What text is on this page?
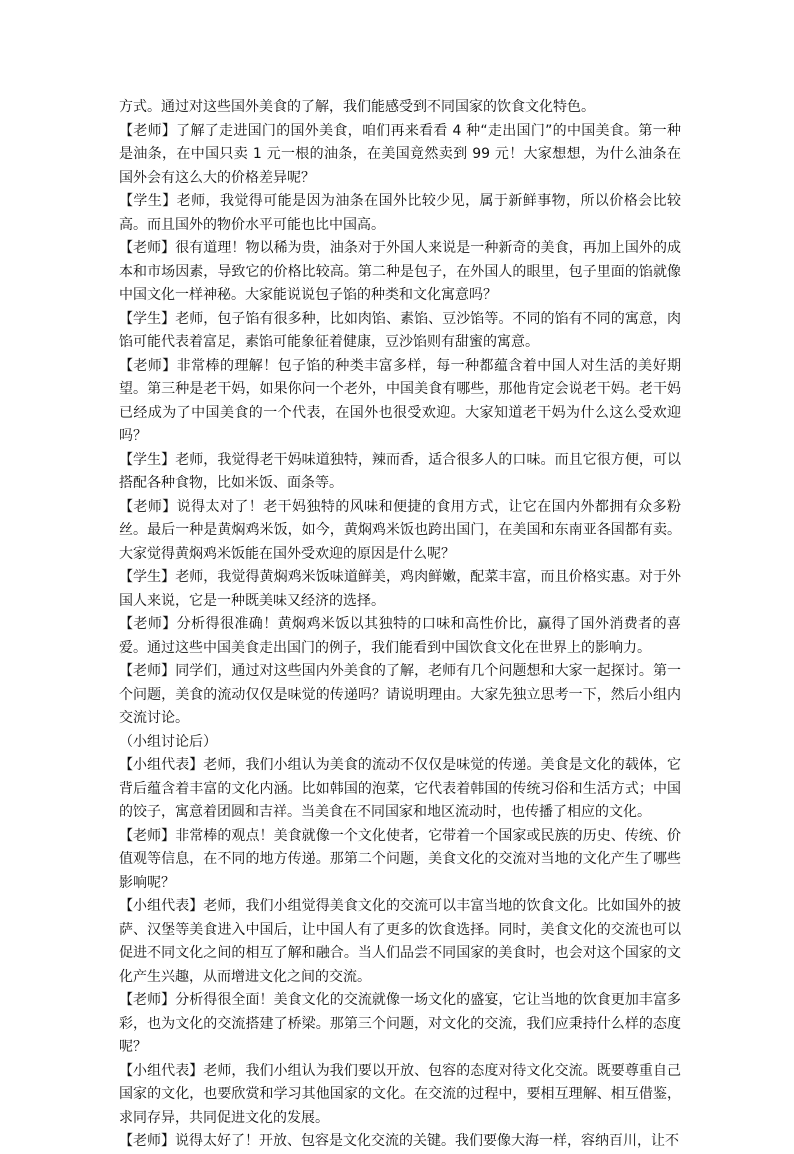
方式。通过对这些国外美食的了解，我们能感受到不同国家的饮食文化特色。

【老师】了解了走进国门的国外美食，咱们再来看看 4 种“走出国门”的中国美食。第一种是油条，在中国只卖 1 元一根的油条，在美国竟然卖到 99 元！大家想想，为什么油条在国外会有这么大的价格差异呢？

【学生】老师，我觉得可能是因为油条在国外比较少见，属于新鲜事物，所以价格会比较高。而且国外的物价水平可能也比中国高。

【老师】很有道理！物以稀为贵，油条对于外国人来说是一种新奇的美食，再加上国外的成本和市场因素，导致它的价格比较高。第二种是包子，在外国人的眼里，包子里面的馅就像中国文化一样神秘。大家能说说包子馅的种类和文化寓意吗？

【学生】老师，包子馅有很多种，比如肉馅、素馅、豆沙馅等。不同的馅有不同的寓意，肉馅可能代表着富足，素馅可能象征着健康，豆沙馅则有甜蜜的寓意。

【老师】非常棒的理解！包子馅的种类丰富多样，每一种都蕴含着中国人对生活的美好期望。第三种是老干妈，如果你问一个老外，中国美食有哪些，那他肯定会说老干妈。老干妈已经成为了中国美食的一个代表，在国外也很受欢迎。大家知道老干妈为什么这么受欢迎吗？

【学生】老师，我觉得老干妈味道独特，辣而香，适合很多人的口味。而且它很方便，可以搭配各种食物，比如米饭、面条等。

【老师】说得太对了！老干妈独特的风味和便捷的食用方式，让它在国内外都拥有众多粉丝。最后一种是黄焖鸡米饭，如今，黄焖鸡米饭也跨出国门，在美国和东南亚各国都有卖。大家觉得黄焖鸡米饭能在国外受欢迎的原因是什么呢？

【学生】老师，我觉得黄焖鸡米饭味道鲜美，鸡肉鲜嫩，配菜丰富，而且价格实惠。对于外国人来说，它是一种既美味又经济的选择。

【老师】分析得很准确！黄焖鸡米饭以其独特的口味和高性价比，赢得了国外消费者的喜爱。通过这些中国美食走出国门的例子，我们能看到中国饮食文化在世界上的影响力。

【老师】同学们，通过对这些国内外美食的了解，老师有几个问题想和大家一起探讨。第一个问题，美食的流动仅仅是味觉的传递吗？请说明理由。大家先独立思考一下，然后小组内交流讨论。

（小组讨论后）

【小组代表】老师，我们小组认为美食的流动不仅仅是味觉的传递。美食是文化的载体，它背后蕴含着丰富的文化内涵。比如韩国的泡菜，它代表着韩国的传统习俗和生活方式；中国的饺子，寓意着团圆和吉祥。当美食在不同国家和地区流动时，也传播了相应的文化。

【老师】非常棒的观点！美食就像一个文化使者，它带着一个国家或民族的历史、传统、价值观等信息，在不同的地方传递。那第二个问题，美食文化的交流对当地的文化产生了哪些影响呢？

【小组代表】老师，我们小组觉得美食文化的交流可以丰富当地的饮食文化。比如国外的披萨、汉堡等美食进入中国后，让中国人有了更多的饮食选择。同时，美食文化的交流也可以促进不同文化之间的相互了解和融合。当人们品尝不同国家的美食时，也会对这个国家的文化产生兴趣，从而增进文化之间的交流。

【老师】分析得很全面！美食文化的交流就像一场文化的盛宴，它让当地的饮食更加丰富多彩，也为文化的交流搭建了桥梁。那第三个问题，对文化的交流，我们应秉持什么样的态度呢？

【小组代表】老师，我们小组认为我们要以开放、包容的态度对待文化交流。既要尊重自己国家的文化，也要欣赏和学习其他国家的文化。在交流的过程中，要相互理解、相互借鉴，求同存异，共同促进文化的发展。

【老师】说得太好了！开放、包容是文化交流的关键。我们要像大海一样，容纳百川，让不
